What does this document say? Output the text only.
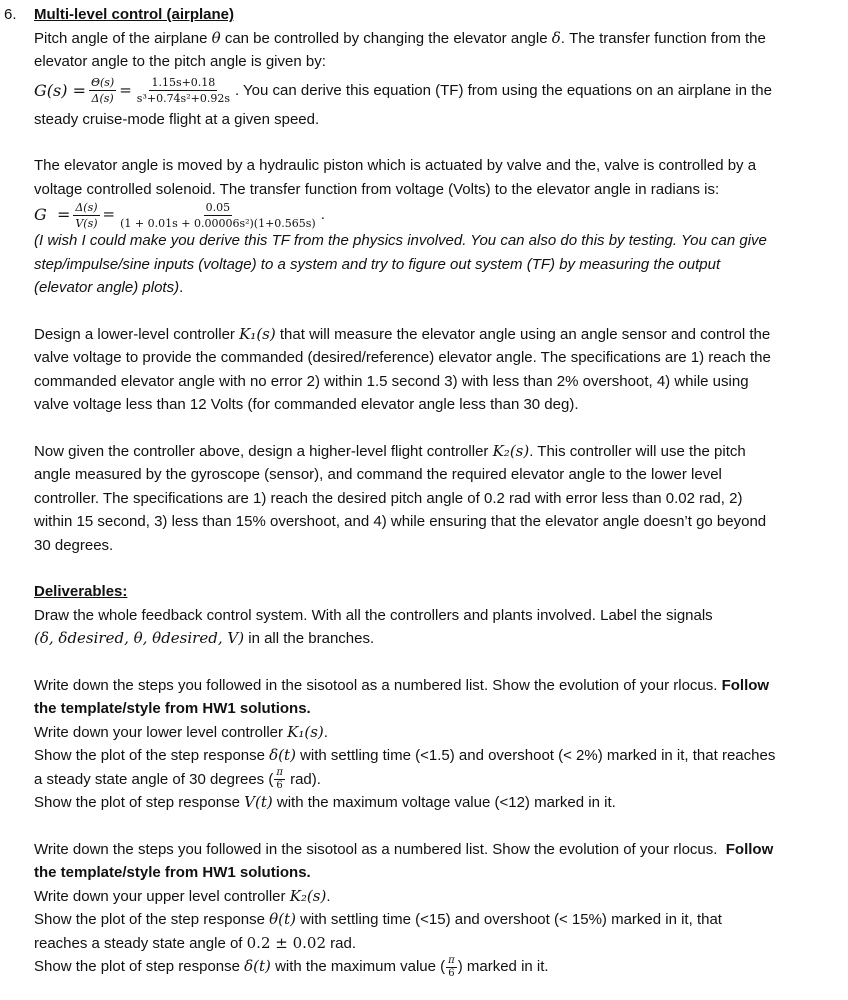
6. Multi-level control (airplane)

Pitch angle of the airplane θ can be controlled by changing the elevator angle δ. The transfer function from the
elevator angle to the pitch angle is given by:

$G(s) = \frac{\Theta(s)}{\Delta(s)} = \frac{1.15s+0.18}{\text{s³+0.74s²+0.92s}}$ . You can derive this equation (TF) from using the equations on an airplane in the

steady cruise-mode flight at a given speed.

The elevator angle is moved by a hydraulic piston which is actuated by valve and the, valve is controlled by a
voltage controlled solenoid. The transfer function from voltage (Volts) to the elevator angle in radians is:

$G = \frac{\Delta(s)}{V(s)} = \frac{0.05}{\text{(1 + 0.01s + 0.00006s²)(1+0.565s)}}$ .

(I wish I could make you derive this TF from the physics involved. You can also do this by testing. You can give
step/impulse/sine inputs (voltage) to a system and try to figure out system (TF) by measuring the output
(elevator angle) plots).

Design a lower-level controller K₁(s) that will measure the elevator angle using an angle sensor and control the
valve voltage to provide the commanded (desired/reference) elevator angle. The specifications are 1) reach the
commanded elevator angle with no error 2) within 1.5 second 3) with less than 2% overshoot, 4) while using
valve voltage less than 12 Volts (for commanded elevator angle less than 30 deg).

Now given the controller above, design a higher-level flight controller K₂(s). This controller will use the pitch
angle measured by the gyroscope (sensor), and command the required elevator angle to the lower level
controller. The specifications are 1) reach the desired pitch angle of 0.2 rad with error less than 0.02 rad, 2)
within 15 second, 3) less than 15% overshoot, and 4) while ensuring that the elevator angle doesn’t go beyond
30 degrees.

Deliverables:

Draw the whole feedback control system. With all the controllers and plants involved. Label the signals
(δ, δdesired, θ, θdesired, V) in all the branches.

Write down the steps you followed in the sisotool as a numbered list. Show the evolution of your rlocus. Follow
the template/style from HW1 solutions.
Write down your lower level controller K₁(s).
Show the plot of the step response δ(t) with settling time (<1.5) and overshoot (< 2%) marked in it, that reaches
a steady state angle of 30 degrees ( $\frac{\pi}{6} rad$).
Show the plot of step response V(t) with the maximum voltage value (<12) marked in it.

Write down the steps you followed in the sisotool as a numbered list. Show the evolution of your rlocus.  Follow
the template/style from HW1 solutions.
Write down your upper level controller K₂(s).
Show the plot of the step response θ(t) with settling time (<15) and overshoot (< 15%) marked in it, that
reaches a steady state angle of 0.2 ± 0.02 rad.
Show the plot of step response δ(t) with the maximum value ( $\frac{\pi}{6}$ ) marked in it.
